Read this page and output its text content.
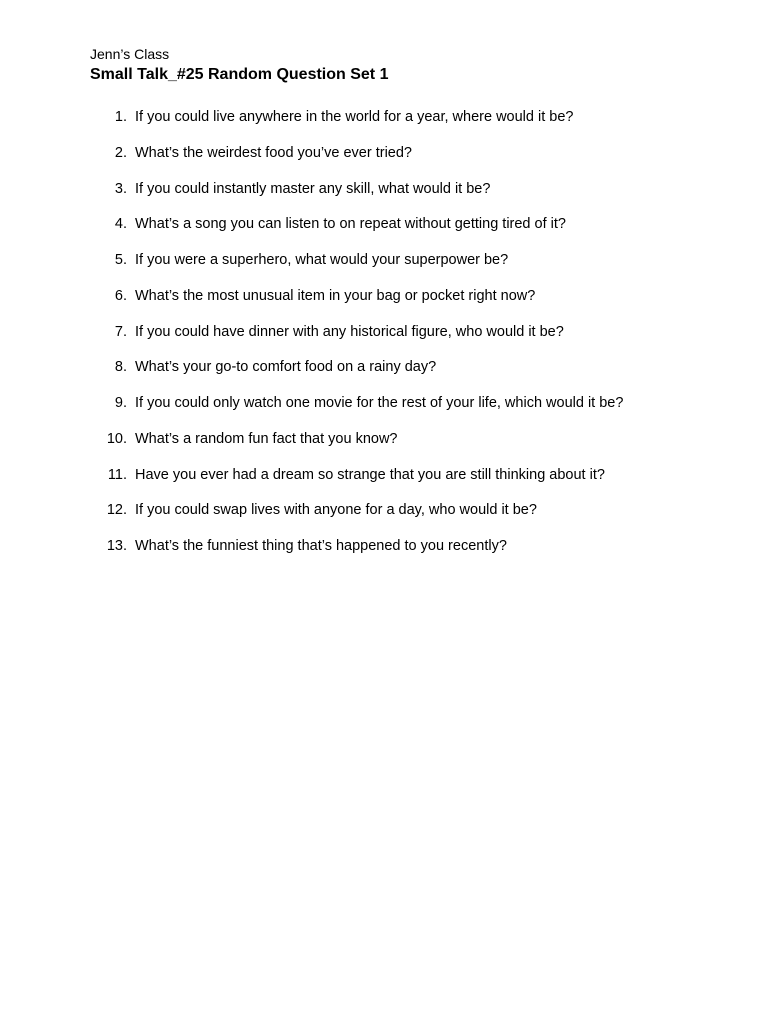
Jenn’s Class
Small Talk_#25 Random Question Set 1
1. If you could live anywhere in the world for a year, where would it be?
2. What’s the weirdest food you’ve ever tried?
3. If you could instantly master any skill, what would it be?
4. What’s a song you can listen to on repeat without getting tired of it?
5. If you were a superhero, what would your superpower be?
6. What’s the most unusual item in your bag or pocket right now?
7. If you could have dinner with any historical figure, who would it be?
8. What’s your go-to comfort food on a rainy day?
9. If you could only watch one movie for the rest of your life, which would it be?
10. What’s a random fun fact that you know?
11. Have you ever had a dream so strange that you are still thinking about it?
12. If you could swap lives with anyone for a day, who would it be?
13. What’s the funniest thing that’s happened to you recently?
